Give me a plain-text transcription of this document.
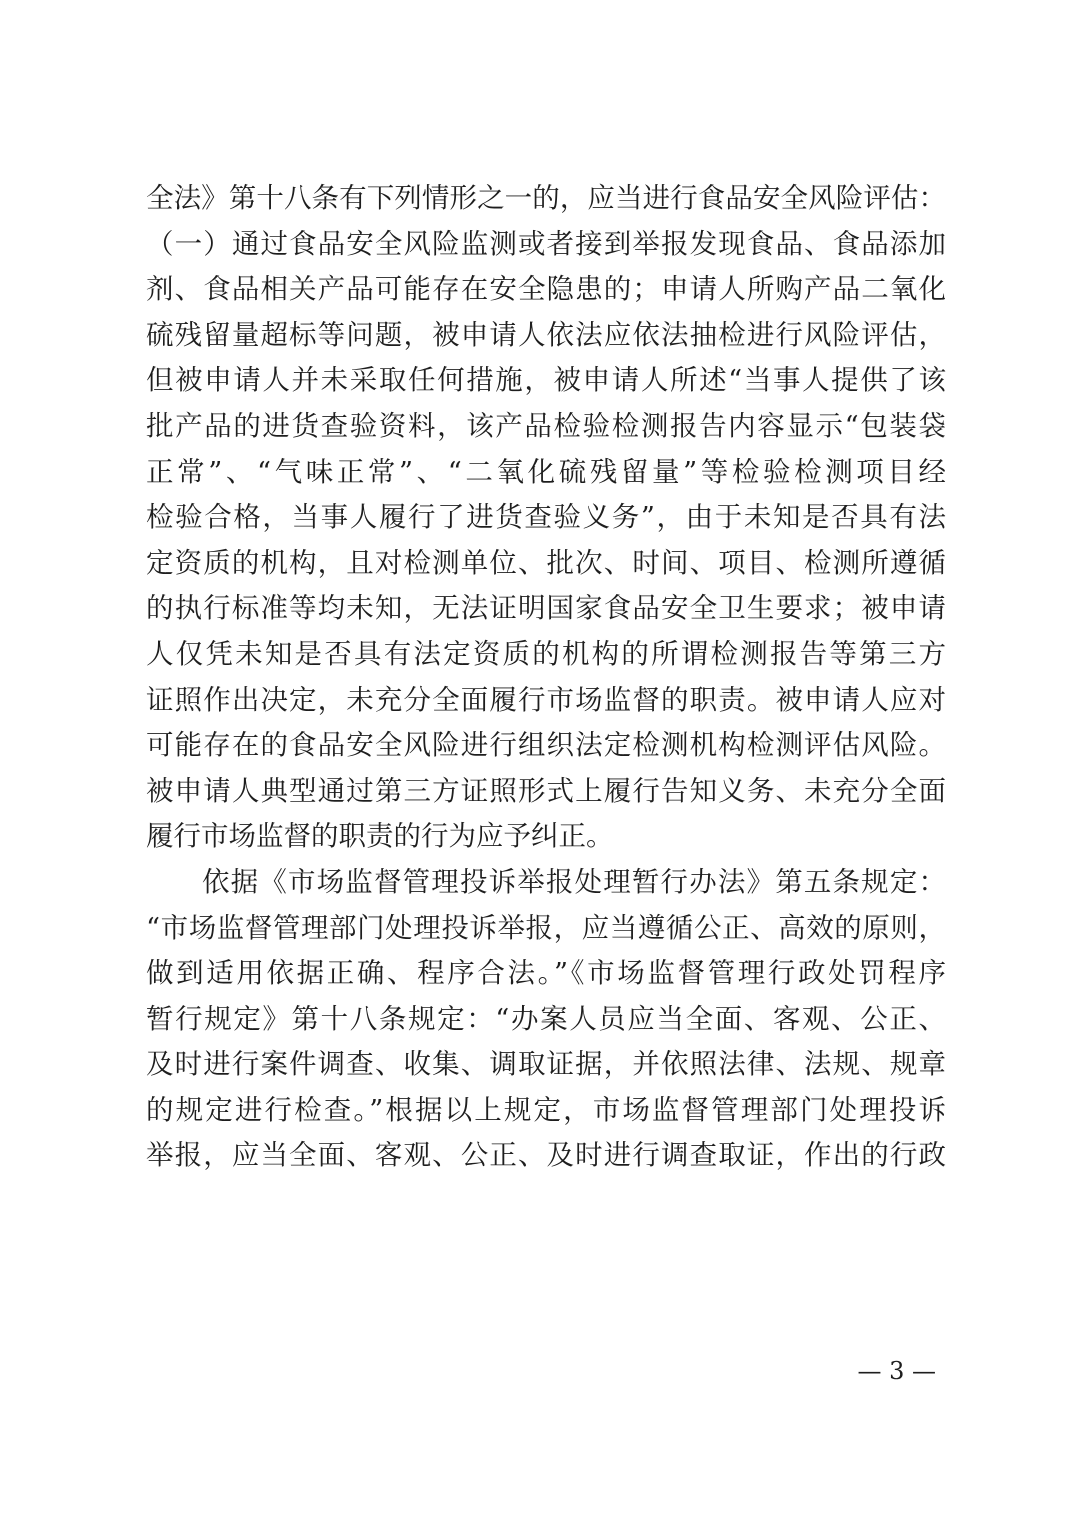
全法》第十八条有下列情形之一的，应当进行食品安全风险评估：
（一）通过食品安全风险监测或者接到举报发现食品、食品添加
剂、食品相关产品可能存在安全隐患的；申请人所购产品二氧化
硫残留量超标等问题，被申请人依法应依法抽检进行风险评估，
但被申请人并未采取任何措施，被申请人所述“当事人提供了该
批产品的进货查验资料，该产品检验检测报告内容显示“包装袋
正常”、“气味正常”、“二氧化硫残留量”等检验检测项目经
检验合格，当事人履行了进货查验义务”，由于未知是否具有法
定资质的机构，且对检测单位、批次、时间、项目、检测所遵循
的执行标准等均未知，无法证明国家食品安全卫生要求；被申请
人仅凭未知是否具有法定资质的机构的所谓检测报告等第三方
证照作出决定，未充分全面履行市场监督的职责。被申请人应对
可能存在的食品安全风险进行组织法定检测机构检测评估风险。
被申请人典型通过第三方证照形式上履行告知义务、未充分全面
履行市场监督的职责的行为应予纠正。
依据《市场监督管理投诉举报处理暂行办法》第五条规定：
“市场监督管理部门处理投诉举报，应当遵循公正、高效的原则，
做到适用依据正确、程序合法。”《市场监督管理行政处罚程序
暂行规定》第十八条规定：“办案人员应当全面、客观、公正、
及时进行案件调查、收集、调取证据，并依照法律、法规、规章
的规定进行检查。”根据以上规定，市场监督管理部门处理投诉
举报，应当全面、客观、公正、及时进行调查取证，作出的行政
— 3 —
